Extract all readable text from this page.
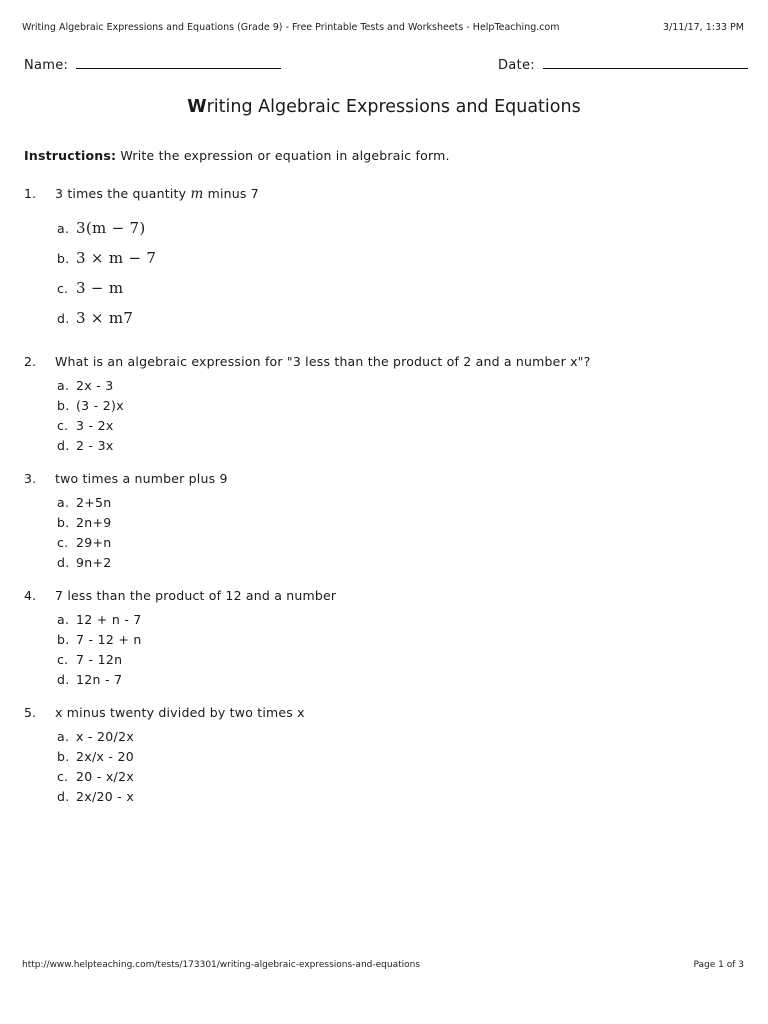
Writing Algebraic Expressions and Equations (Grade 9) - Free Printable Tests and Worksheets - HelpTeaching.com	3/11/17, 1:33 PM
Name:	Date:
Writing Algebraic Expressions and Equations
Instructions: Write the expression or equation in algebraic form.
1. 3 times the quantity m minus 7
a. 3(m − 7)
b. 3 × m − 7
c. 3 − m
d. 3 × m7
2. What is an algebraic expression for "3 less than the product of 2 and a number x"?
a. 2x - 3
b. (3 - 2)x
c. 3 - 2x
d. 2 - 3x
3. two times a number plus 9
a. 2+5n
b. 2n+9
c. 29+n
d. 9n+2
4. 7 less than the product of 12 and a number
a. 12 + n - 7
b. 7 - 12 + n
c. 7 - 12n
d. 12n - 7
5. x minus twenty divided by two times x
a. x - 20/2x
b. 2x/x - 20
c. 20 - x/2x
d. 2x/20 - x
http://www.helpteaching.com/tests/173301/writing-algebraic-expressions-and-equations	Page 1 of 3
